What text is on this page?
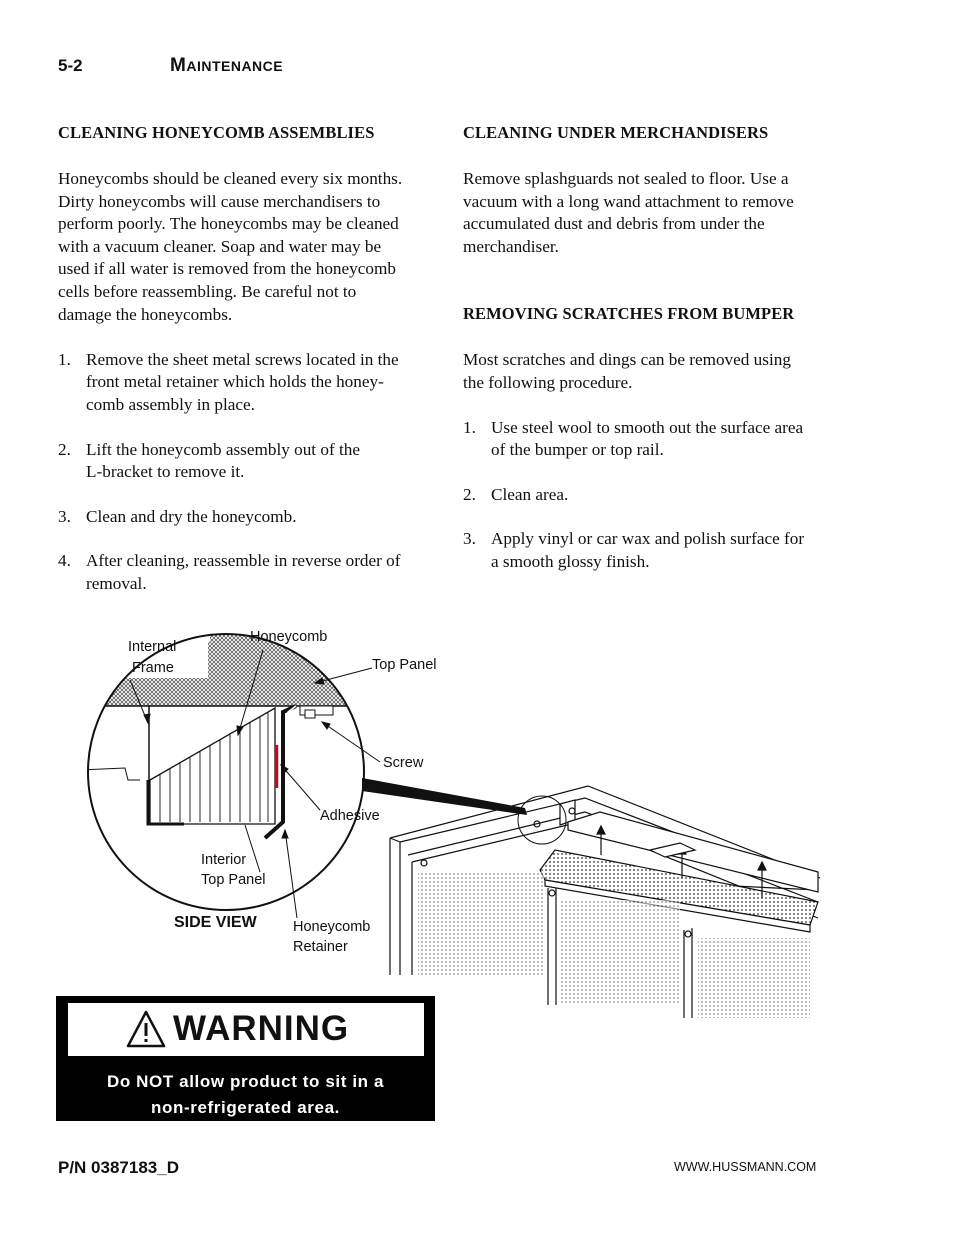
5-2	MAINTENANCE
CLEANING HONEYCOMB ASSEMBLIES

Honeycombs should be cleaned every six months.
Dirty honeycombs will cause merchandisers to
perform poorly. The honeycombs may be cleaned
with a vacuum cleaner. Soap and water may be
used if all water is removed from the honeycomb
cells before reassembling. Be careful not to
damage the honeycombs.

1. Remove the sheet metal screws located in the
front metal retainer which holds the honey-
comb assembly in place.
2. Lift the honeycomb assembly out of the
L-bracket to remove it.
3. Clean and dry the honeycomb.
4. After cleaning, reassemble in reverse order of
removal.
CLEANING UNDER MERCHANDISERS

Remove splashguards not sealed to floor. Use a
vacuum with a long wand attachment to remove
accumulated dust and debris from under the
merchandiser.

REMOVING SCRATCHES FROM BUMPER

Most scratches and dings can be removed using
the following procedure.

1. Use steel wool to smooth out the surface area
of the bumper or top rail.
2. Clean area.
3. Apply vinyl or car wax and polish surface for
a smooth glossy finish.
Internal
Frame
Honeycomb
Top Panel
Screw
Adhesive
Interior
Top Panel
SIDE VIEW	Honeycomb
Retainer
WARNING
Do NOT allow product to sit in a
non-refrigerated area.
P/N 0387183_D	WWW.HUSSMANN.COM
